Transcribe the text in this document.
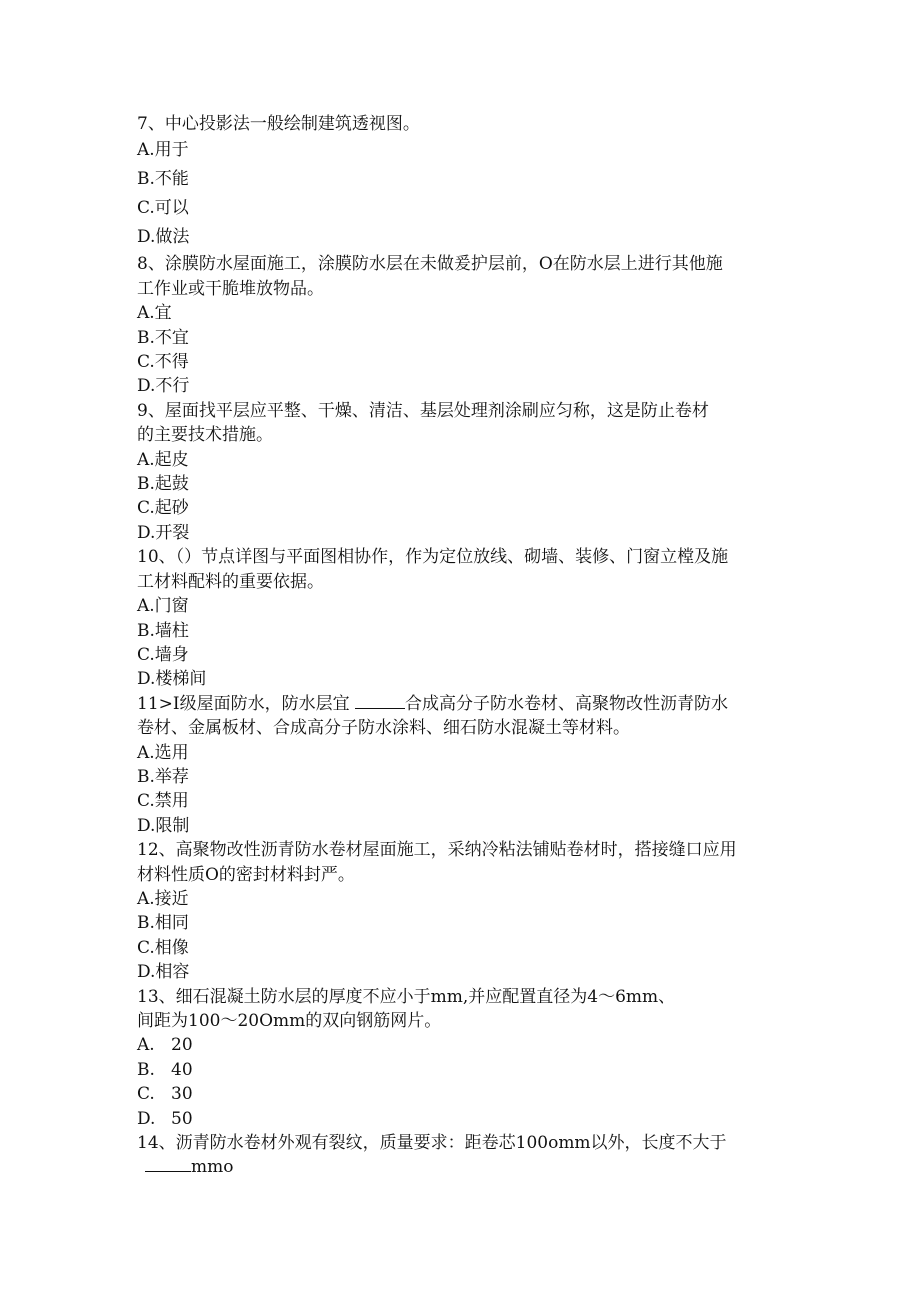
7、中心投影法一般绘制建筑透视图。
A.用于
B.不能
C.可以
D.做法
8、涂膜防水屋面施工，涂膜防水层在未做爰护层前，O在防水层上进行其他施
工作业或干脆堆放物品。
A.宜
B.不宜
C.不得
D.不行
9、屋面找平层应平整、干燥、清洁、基层处理剂涂刷应匀称，这是防止卷材
的主要技术措施。
A.起皮
B.起鼓
C.起砂
D.开裂
10、（）节点详图与平面图相协作，作为定位放线、砌墙、装修、门窗立樘及施
工材料配料的重要依据。
A.门窗
B.墙柱
C.墙身
D.楼梯间
11>I级屋面防水，防水层宜	合成高分子防水卷材、高聚物改性沥青防水
卷材、金属板材、合成高分子防水涂料、细石防水混凝土等材料。
A.选用
B.举荐
C.禁用
D.限制
12、高聚物改性沥青防水卷材屋面施工，采纳冷粘法铺贴卷材时，搭接缝口应用
材料性质O的密封材料封严。
A.接近
B.相同
C.相像
D.相容
13、细石混凝土防水层的厚度不应小于mm,并应配置直径为4～6mm、
间距为100～20Omm的双向钢筋网片。
A. 20
B. 40
C. 30
D. 50
14、沥青防水卷材外观有裂纹，质量要求：距卷芯100omm以外，长度不大于
mmo
